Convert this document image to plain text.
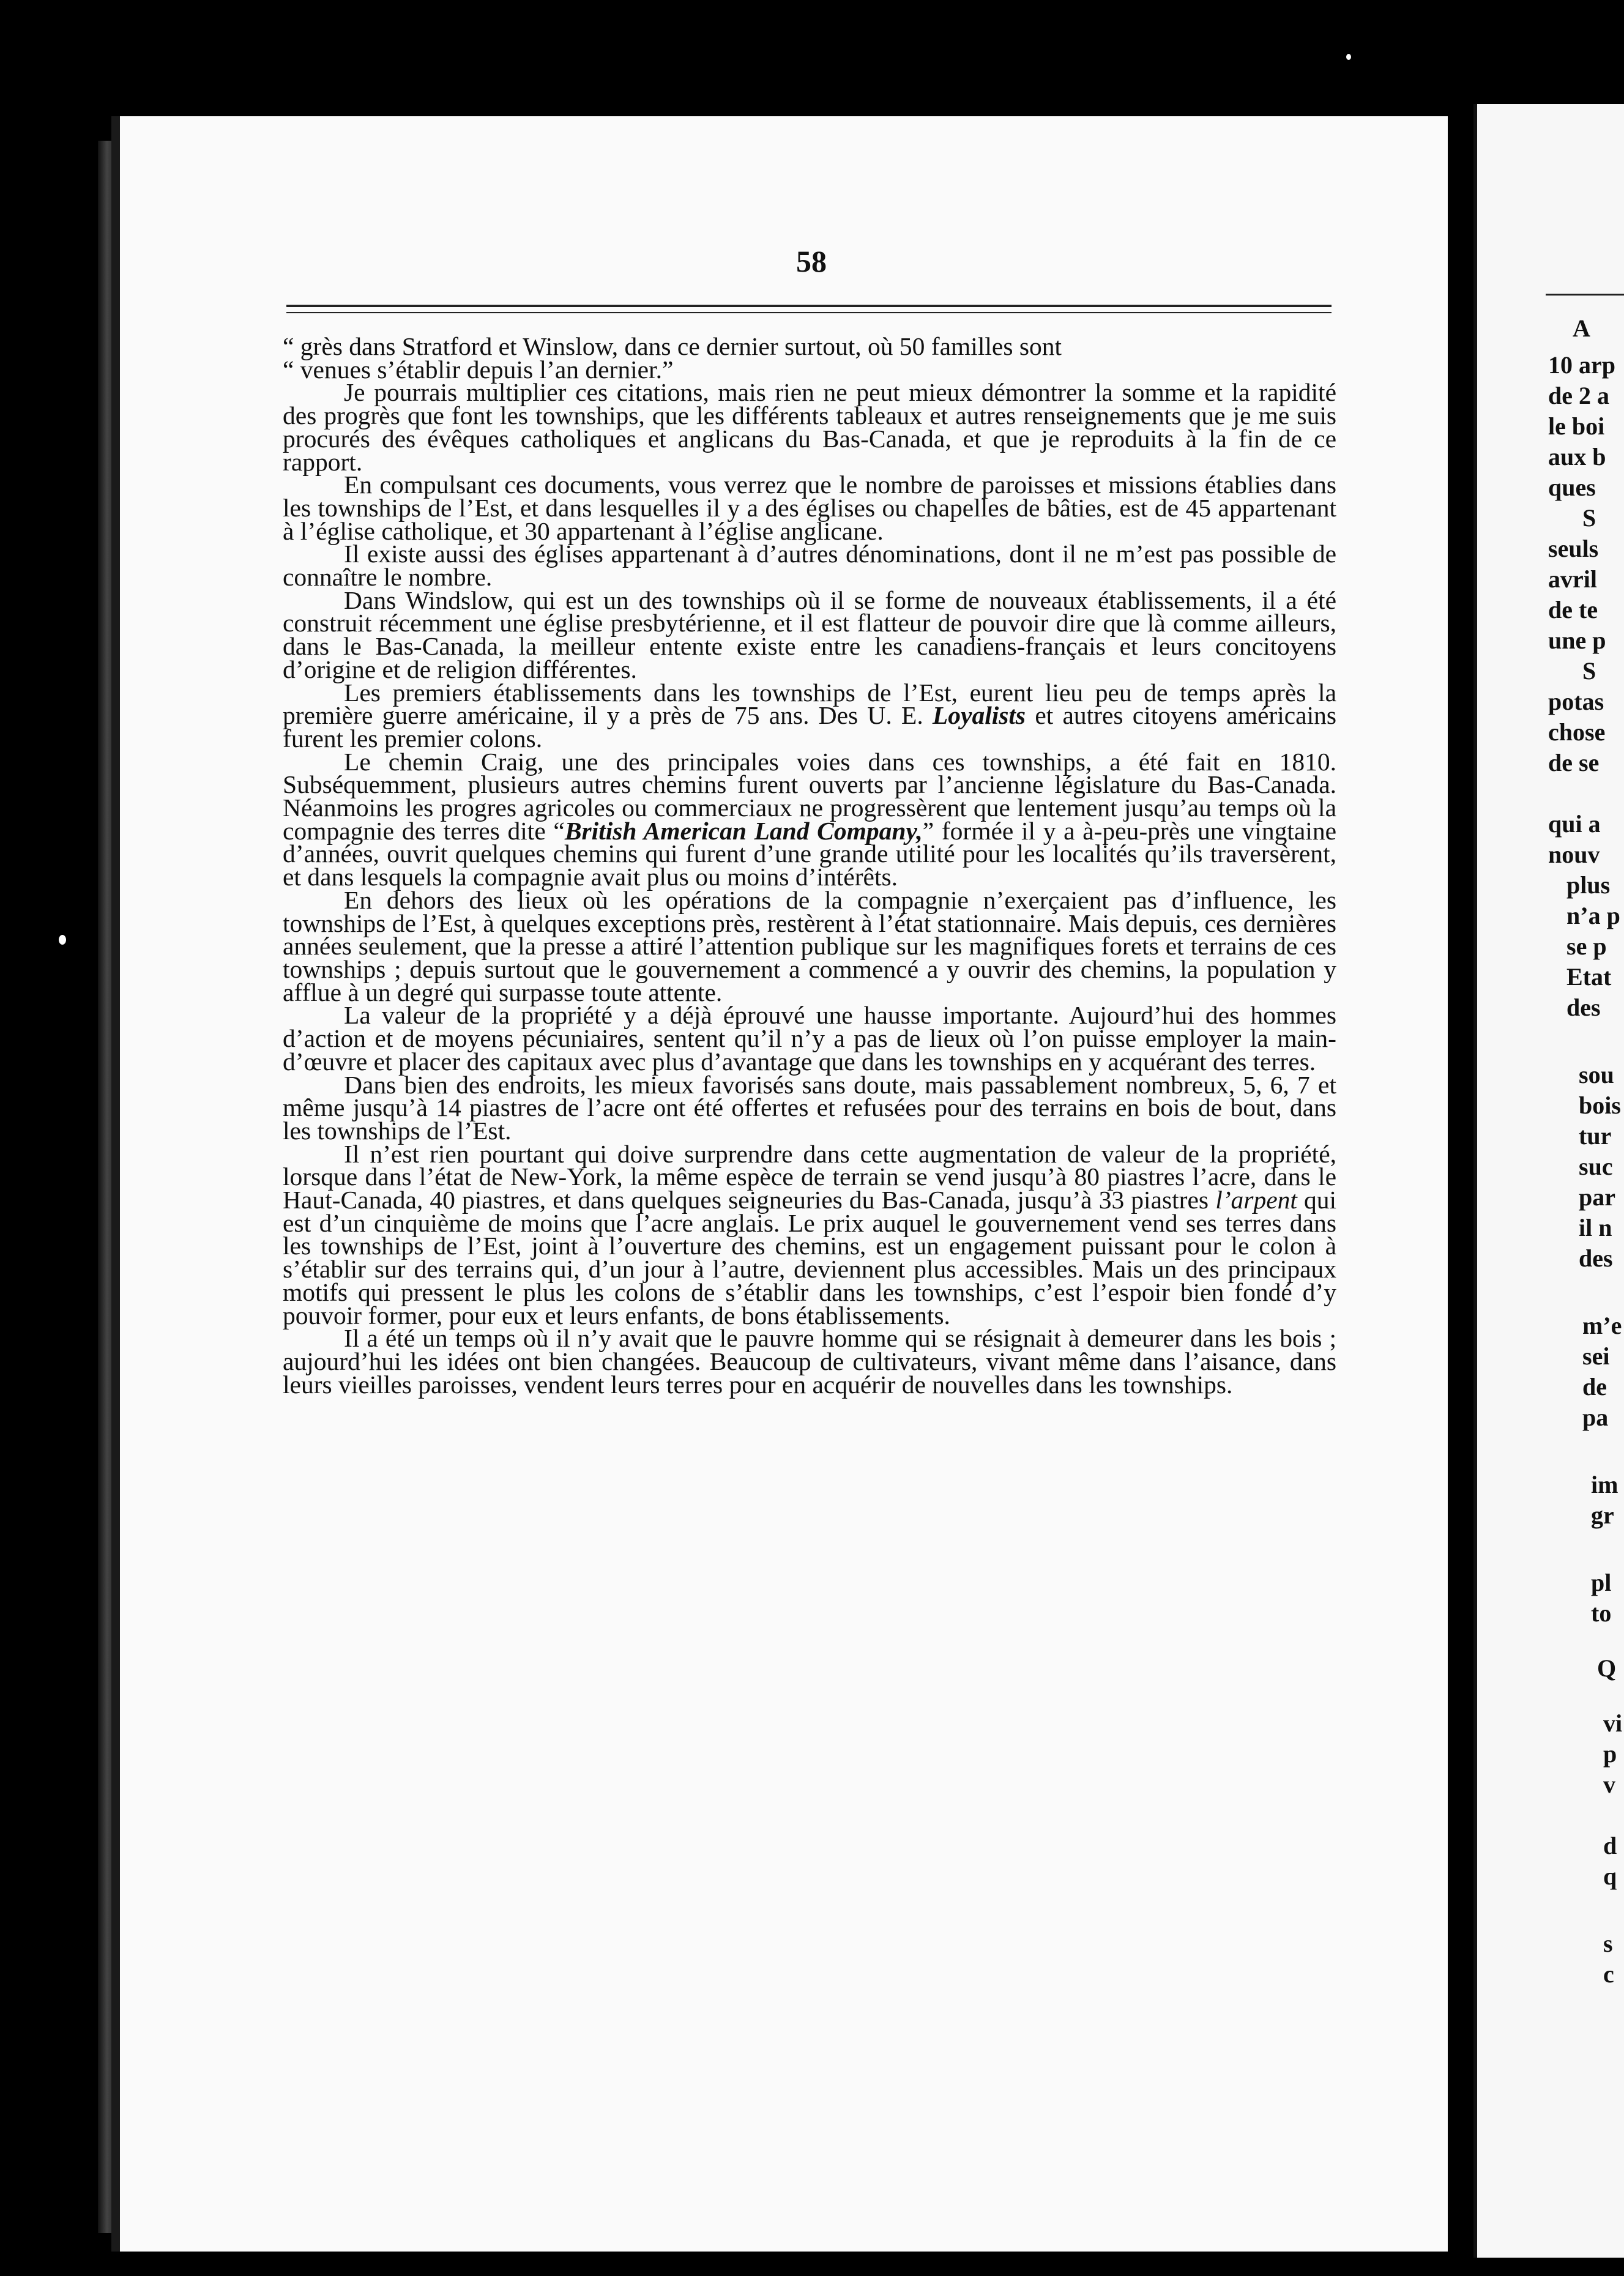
58

“ grès dans Stratford et Winslow, dans ce dernier surtout, où 50 familles sont
“ venues s’établir depuis l’an dernier.”

Je pourrais multiplier ces citations, mais rien ne peut mieux démontrer la somme et la rapidité des progrès que font les townships, que les différents tableaux et autres renseignements que je me suis procurés des évêques catholiques et anglicans du Bas-Canada, et que je reproduits à la fin de ce rapport.

En compulsant ces documents, vous verrez que le nombre de paroisses et missions établies dans les townships de l’Est, et dans lesquelles il y a des églises ou chapelles de bâties, est de 45 appartenant à l’église catholique, et 30 appartenant à l’église anglicane.

Il existe aussi des églises appartenant à d’autres dénominations, dont il ne m’est pas possible de connaître le nombre.

Dans Windslow, qui est un des townships où il se forme de nouveaux établissements, il a été construit récemment une église presbytérienne, et il est flatteur de pouvoir dire que là comme ailleurs, dans le Bas-Canada, la meilleur entente existe entre les canadiens-français et leurs concitoyens d’origine et de religion différentes.

Les premiers établissements dans les townships de l’Est, eurent lieu peu de temps après la première guerre américaine, il y a près de 75 ans. Des U. E. Loyalists et autres citoyens américains furent les premier colons.

Le chemin Craig, une des principales voies dans ces townships, a été fait en 1810. Subséquemment, plusieurs autres chemins furent ouverts par l’ancienne législature du Bas-Canada. Néanmoins les progres agricoles ou commerciaux ne progressèrent que lentement jusqu’au temps où la compagnie des terres dite “British American Land Company,” formée il y a à-peu-près une vingtaine d’années, ouvrit quelques chemins qui furent d’une grande utilité pour les localités qu’ils traversèrent, et dans lesquels la compagnie avait plus ou moins d’intérêts.

En dehors des lieux où les opérations de la compagnie n’exerçaient pas d’influence, les townships de l’Est, à quelques exceptions près, restèrent à l’état stationnaire. Mais depuis, ces dernières années seulement, que la presse a attiré l’attention publique sur les magnifiques forets et terrains de ces townships ; depuis surtout que le gouvernement a commencé a y ouvrir des chemins, la population y afflue à un degré qui surpasse toute attente.

La valeur de la propriété y a déjà éprouvé une hausse importante. Aujourd’hui des hommes d’action et de moyens pécuniaires, sentent qu’il n’y a pas de lieux où l’on puisse employer la main-d’œuvre et placer des capitaux avec plus d’avantage que dans les townships en y acquérant des terres.

Dans bien des endroits, les mieux favorisés sans doute, mais passablement nombreux, 5, 6, 7 et même jusqu’à 14 piastres de l’acre ont été offertes et refusées pour des terrains en bois de bout, dans les townships de l’Est.

Il n’est rien pourtant qui doive surprendre dans cette augmentation de valeur de la propriété, lorsque dans l’état de New-York, la même espèce de terrain se vend jusqu’à 80 piastres l’acre, dans le Haut-Canada, 40 piastres, et dans quelques seigneuries du Bas-Canada, jusqu’à 33 piastres l’arpent qui est d’un cinquième de moins que l’acre anglais. Le prix auquel le gouvernement vend ses terres dans les townships de l’Est, joint à l’ouverture des chemins, est un engagement puissant pour le colon à s’établir sur des terrains qui, d’un jour à l’autre, deviennent plus accessibles. Mais un des principaux motifs qui pressent le plus les colons de s’établir dans les townships, c’est l’espoir bien fondé d’y pouvoir former, pour eux et leurs enfants, de bons établissements.

Il a été un temps où il n’y avait que le pauvre homme qui se résignait à demeurer dans les bois ; aujourd’hui les idées ont bien changées. Beaucoup de cultivateurs, vivant même dans l’aisance, dans leurs vieilles paroisses, vendent leurs terres pour en acquérir de nouvelles dans les townships.

A
10 arp
de 2 a
le boi
aux b
ques
S
seuls
avril
de te
une p
S
potas
chose
de se
qui a
nouv
plus
n’a p
se p
Etat
des
sou
bois
tur
suc
par
il n
des
m’e
sei
de
pa
im
gr
pl
to
Q
vi
p
v
d
q
s
c
